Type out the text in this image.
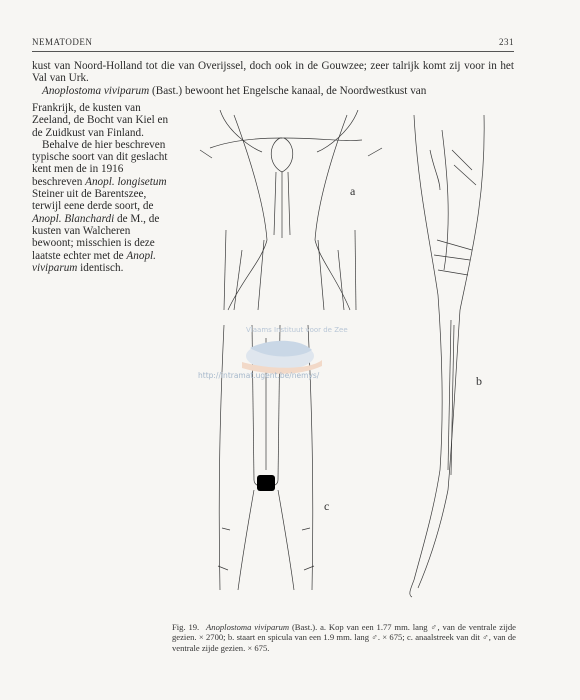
NEMATODEN	231
kust van Noord-Holland tot die van Overijssel, doch ook in de Gouwzee; zeer talrijk komt zij voor in het Val van Urk.
Anoplostoma viviparum (Bast.) bewoont het Engelsche kanaal, de Noordwestkust van

Frankrijk, de kusten van Zeeland, de Bocht van Kiel en de Zuidkust van Finland.

Behalve de hier beschreven typische soort van dit geslacht kent men de in 1916 beschreven Anopl. longisetum Steiner uit de Barentszee, terwijl eene derde soort, de Anopl. Blanchardi de M., de kusten van Walcheren bewoont; misschien is deze laatste echter met de Anopl. viviparum identisch.

a
b
c
Vlaams Instituut voor de Zee
http://intramat.ugent.be/nemys/
Fig. 19. Anoplostoma viviparum (Bast.). a. Kop van een 1.77 mm. lang ♂, van de ventrale zijde gezien. × 2700; b. staart en spicula van een 1.9 mm. lang ♂. × 675; c. anaalstreek van dit ♂, van de ventrale zijde gezien. × 675.
